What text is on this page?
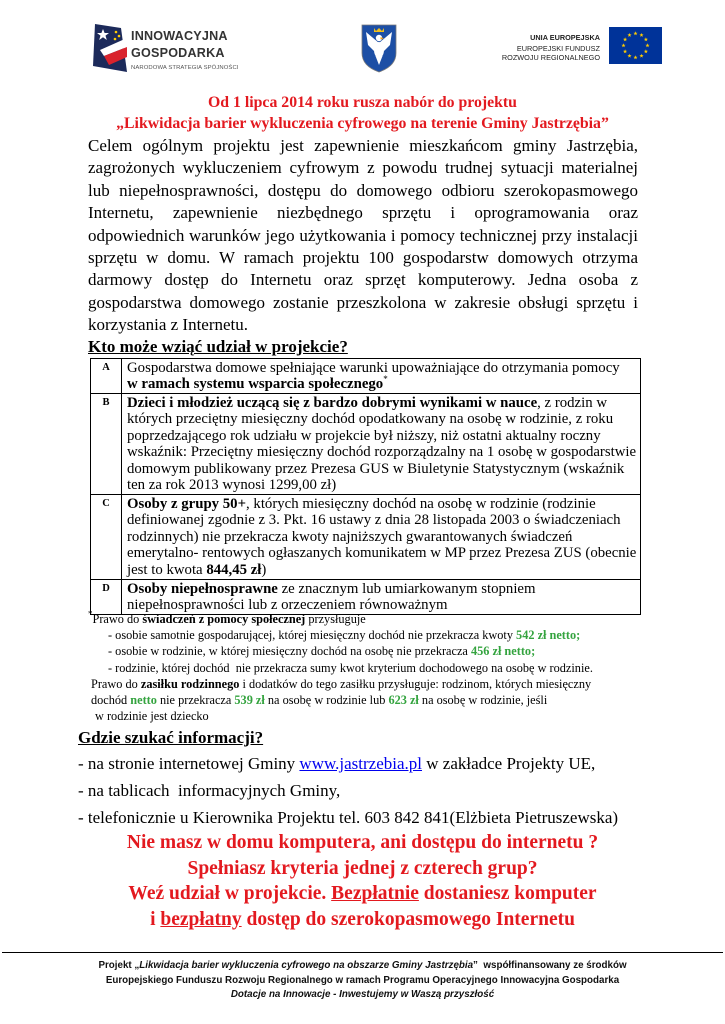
INNOWACYJNA
GOSPODARKA
NARODOWA STRATEGIA SPÓJNOŚCI
UNIA EUROPEJSKA
EUROPEJSKI FUNDUSZ
ROZWOJU REGIONALNEGO
Od 1 lipca 2014 roku rusza nabór do projektu
„Likwidacja barier wykluczenia cyfrowego na terenie Gminy Jastrzębia”
Celem ogólnym projektu jest zapewnienie mieszkańcom gminy Jastrzębia,
zagrożonych wykluczeniem cyfrowym z powodu trudnej sytuacji materialnej
lub niepełnosprawności, dostępu do domowego odbioru szerokopasmowego
Internetu, zapewnienie niezbędnego sprzętu i oprogramowania oraz
odpowiednich warunków jego użytkowania i pomocy technicznej przy instalacji
sprzętu w domu. W ramach projektu 100 gospodarstw domowych otrzyma
darmowy dostęp do Internetu oraz sprzęt komputerowy. Jedna osoba z
gospodarstwa domowego zostanie przeszkolona w zakresie obsługi sprzętu i
korzystania z Internetu.
Kto może wziąć udział w projekcie?
A	Gospodarstwa domowe spełniające warunki upoważniające do otrzymania pomocy
w ramach systemu wsparcia społecznego*
B	Dzieci i młodzież uczącą się z bardzo dobrymi wynikami w nauce, z rodzin w
których przeciętny miesięczny dochód opodatkowany na osobę w rodzinie, z roku
poprzedzającego rok udziału w projekcie był niższy, niż ostatni aktualny roczny
wskaźnik: Przeciętny miesięczny dochód rozporządzalny na 1 osobę w gospodarstwie
domowym publikowany przez Prezesa GUS w Biuletynie Statystycznym (wskaźnik
ten za rok 2013 wynosi 1299,00 zł)
C	Osoby z grupy 50+, których miesięczny dochód na osobę w rodzinie (rodzinie
definiowanej zgodnie z 3. Pkt. 16 ustawy z dnia 28 listopada 2003 o świadczeniach
rodzinnych) nie przekracza kwoty najniższych gwarantowanych świadczeń
emerytalno- rentowych ogłaszanych komunikatem w MP przez Prezesa ZUS (obecnie
jest to kwota 844,45 zł)
D	Osoby niepełnosprawne ze znacznym lub umiarkowanym stopniem
niepełnosprawności lub z orzeczeniem równoważnym
*Prawo do świadczeń z pomocy społecznej przysługuje
- osobie samotnie gospodarującej, której miesięczny dochód nie przekracza kwoty 542 zł netto;
- osobie w rodzinie, w której miesięczny dochód na osobę nie przekracza 456 zł netto;
- rodzinie, której dochód  nie przekracza sumy kwot kryterium dochodowego na osobę w rodzinie.
Prawo do zasiłku rodzinnego i dodatków do tego zasiłku przysługuje: rodzinom, których miesięczny
dochód netto nie przekracza 539 zł na osobę w rodzinie lub 623 zł na osobę w rodzinie, jeśli
w rodzinie jest dziecko
Gdzie szukać informacji?
- na stronie internetowej Gminy www.jastrzebia.pl w zakładce Projekty UE,
- na tablicach  informacyjnych Gminy,
- telefonicznie u Kierownika Projektu tel. 603 842 841(Elżbieta Pietruszewska)
Nie masz w domu komputera, ani dostępu do internetu ?
Spełniasz kryteria jednej z czterech grup?
Weź udział w projekcie. Bezpłatnie dostaniesz komputer
i bezpłatny dostęp do szerokopasmowego Internetu
Projekt „Likwidacja barier wykluczenia cyfrowego na obszarze Gminy Jastrzębia”  współfinansowany ze środków
Europejskiego Funduszu Rozwoju Regionalnego w ramach Programu Operacyjnego Innowacyjna Gospodarka
Dotacje na Innowacje - Inwestujemy w Waszą przyszłość
